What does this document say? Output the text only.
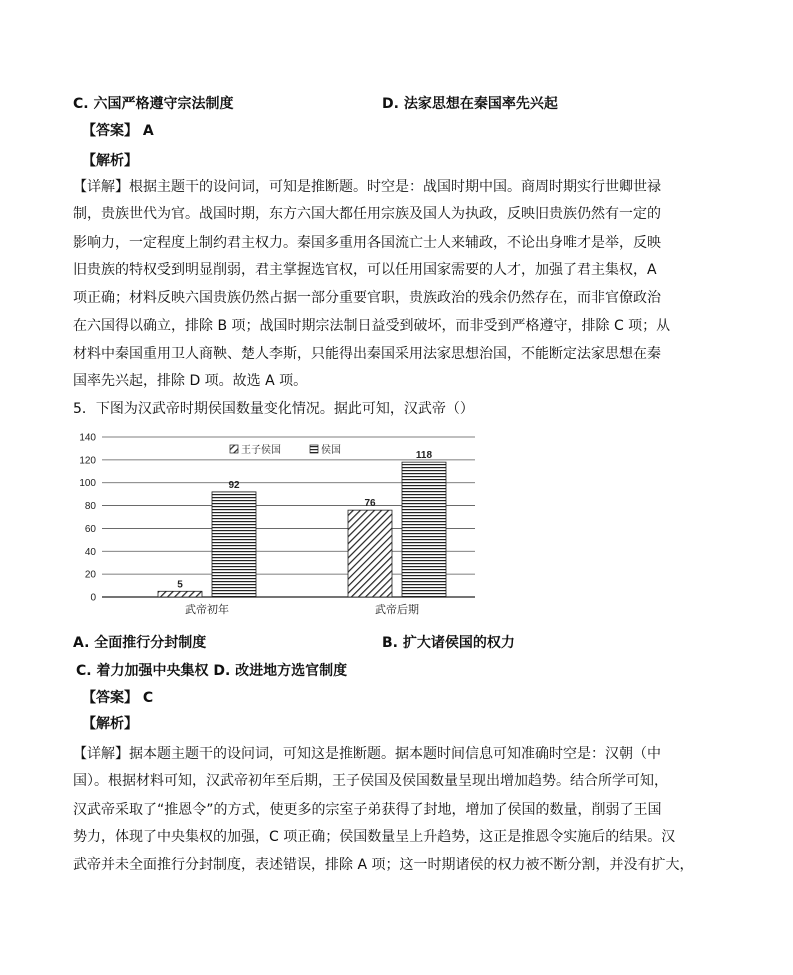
C. 六国严格遵守宗法制度	D. 法家思想在秦国率先兴起
【答案】 A
【解析】
【详解】根据主题干的设问词，可知是推断题。时空是：战国时期中国。商周时期实行世卿世禄
制，贵族世代为官。战国时期，东方六国大都任用宗族及国人为执政，反映旧贵族仍然有一定的
影响力，一定程度上制约君主权力。秦国多重用各国流亡士人来辅政，不论出身唯才是举，反映
旧贵族的特权受到明显削弱，君主掌握选官权，可以任用国家需要的人才，加强了君主集权，A
项正确；材料反映六国贵族仍然占据一部分重要官职，贵族政治的残余仍然存在，而非官僚政治
在六国得以确立，排除 B 项；战国时期宗法制日益受到破坏，而非受到严格遵守，排除 C 项；从
材料中秦国重用卫人商鞅、楚人李斯，只能得出秦国采用法家思想治国，不能断定法家思想在秦
国率先兴起，排除 D 项。故选 A 项。
5．下图为汉武帝时期侯国数量变化情况。据此可知，汉武帝（）
0
20
40
60
80
100
120
140
5
92
76
118
武帝初年	武帝后期
王子侯国	侯国
A. 全面推行分封制度	B. 扩大诸侯国的权力
C. 着力加强中央集权 D. 改进地方选官制度
【答案】 C
【解析】
【详解】据本题主题干的设问词，可知这是推断题。据本题时间信息可知准确时空是：汉朝（中
国）。根据材料可知，汉武帝初年至后期，王子侯国及侯国数量呈现出增加趋势。结合所学可知，
汉武帝采取了“推恩令”的方式，使更多的宗室子弟获得了封地，增加了侯国的数量，削弱了王国
势力，体现了中央集权的加强，C 项正确；侯国数量呈上升趋势，这正是推恩令实施后的结果。汉
武帝并未全面推行分封制度，表述错误，排除 A 项；这一时期诸侯的权力被不断分割，并没有扩大，
